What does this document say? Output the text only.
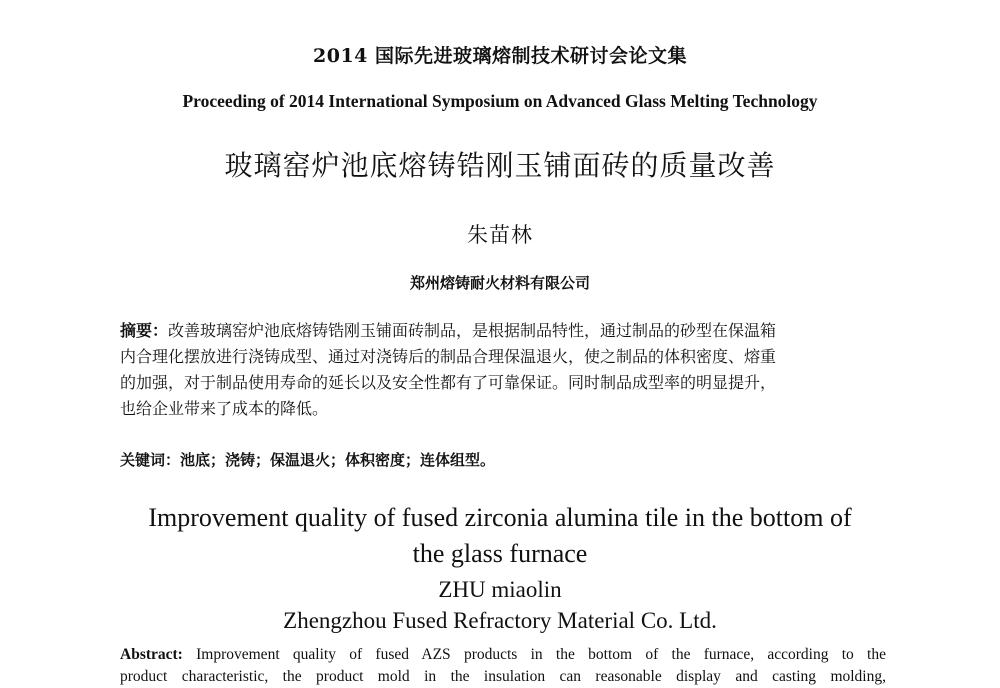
2014 国际先进玻璃熔制技术研讨会论文集
Proceeding of 2014 International Symposium on Advanced Glass Melting Technology
玻璃窑炉池底熔铸锆刚玉铺面砖的质量改善
朱苗林
郑州熔铸耐火材料有限公司
摘要：改善玻璃窑炉池底熔铸锆刚玉铺面砖制品，是根据制品特性，通过制品的砂型在保温箱
内合理化摆放进行浇铸成型、通过对浇铸后的制品合理保温退火，使之制品的体积密度、熔重
的加强，对于制品使用寿命的延长以及安全性都有了可靠保证。同时制品成型率的明显提升，
也给企业带来了成本的降低。
关键词：池底；浇铸；保温退火；体积密度；连体组型。
Improvement quality of fused zirconia alumina tile in the bottom of
the glass furnace
ZHU miaolin
Zhengzhou Fused Refractory Material Co. Ltd.
Abstract: Improvement quality of fused AZS products in the bottom of the furnace, according to the
product characteristic, the product mold in the insulation can reasonable display and casting molding,
